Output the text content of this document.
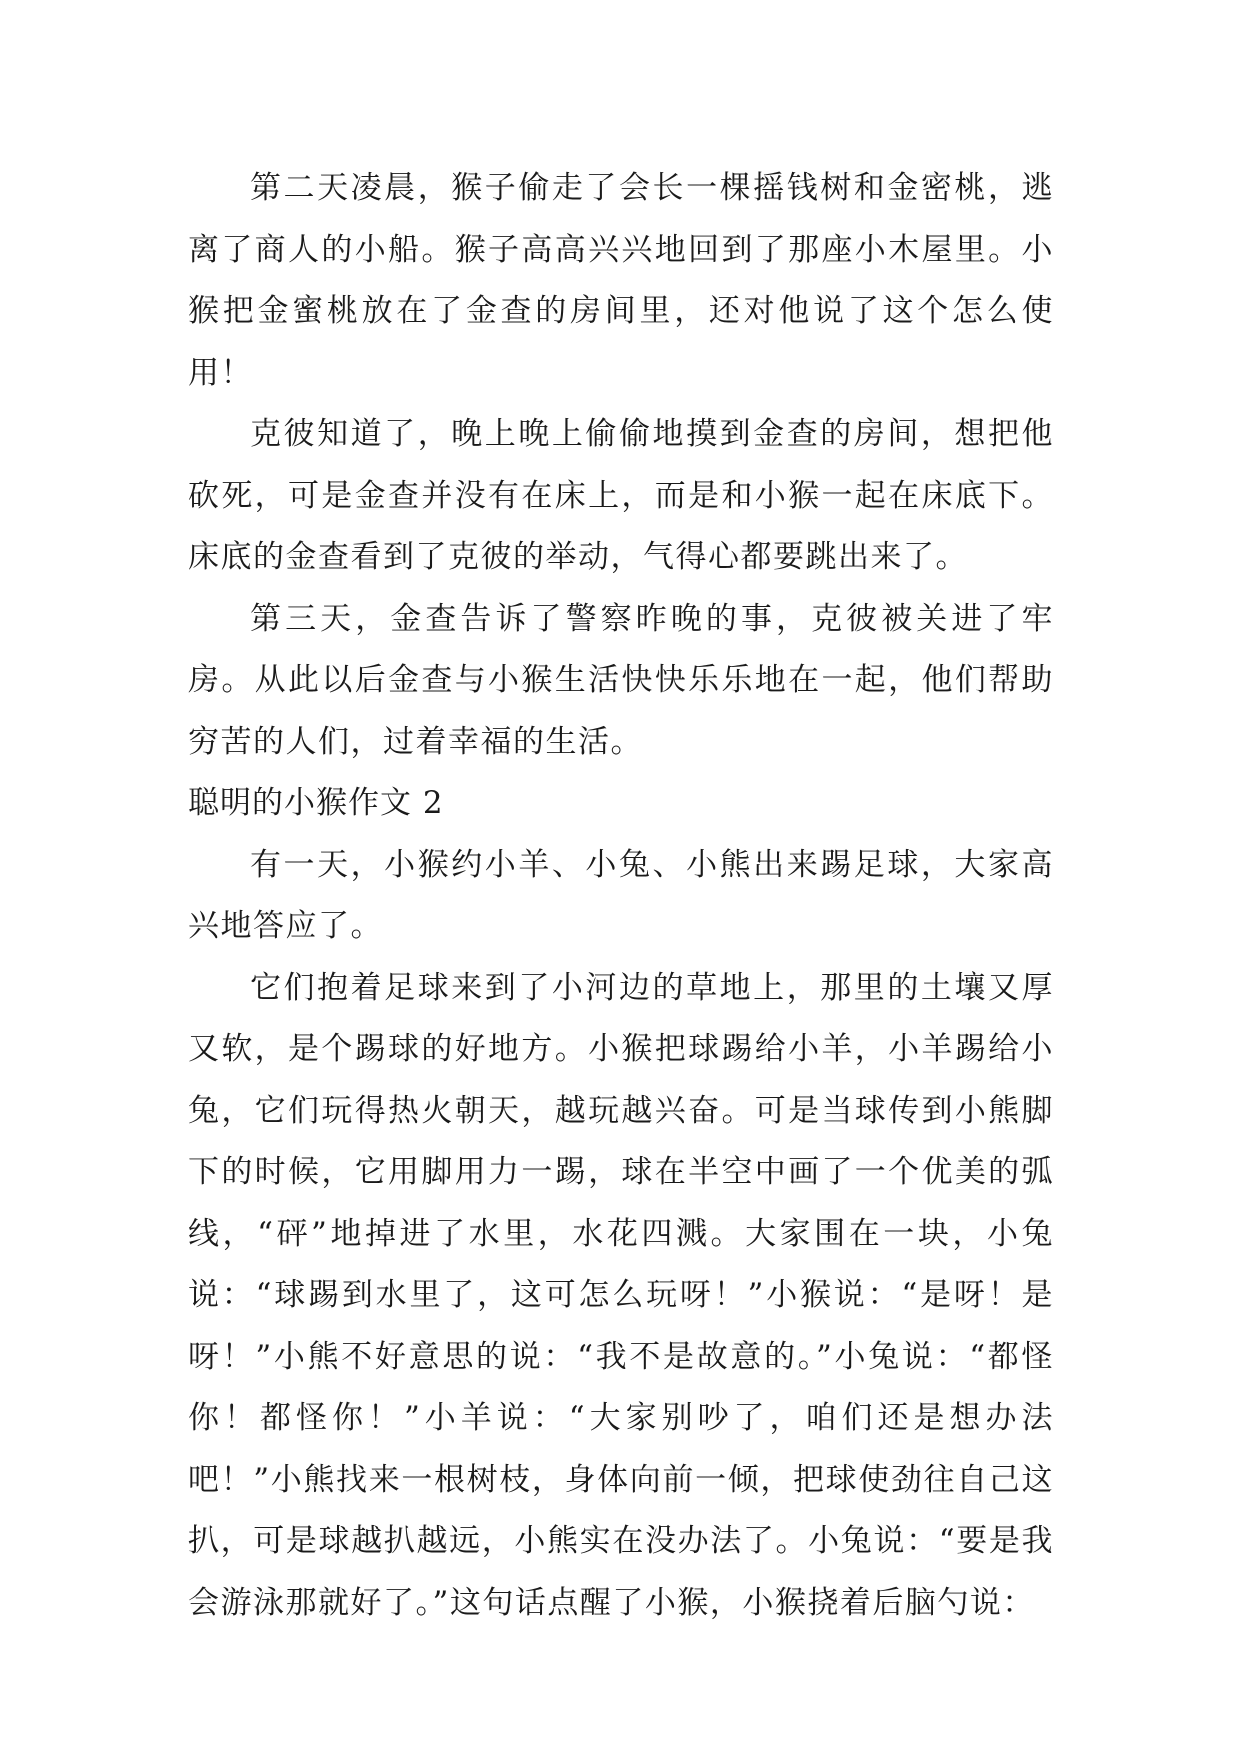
第二天凌晨，猴子偷走了会长一棵摇钱树和金密桃，逃离了商人的小船。猴子高高兴兴地回到了那座小木屋里。小猴把金蜜桃放在了金查的房间里，还对他说了这个怎么使用！

克彼知道了，晚上晚上偷偷地摸到金查的房间，想把他砍死，可是金查并没有在床上，而是和小猴一起在床底下。床底的金查看到了克彼的举动，气得心都要跳出来了。

第三天，金查告诉了警察昨晚的事，克彼被关进了牢房。从此以后金查与小猴生活快快乐乐地在一起，他们帮助穷苦的人们，过着幸福的生活。

聪明的小猴作文 2

有一天，小猴约小羊、小兔、小熊出来踢足球，大家高兴地答应了。

它们抱着足球来到了小河边的草地上，那里的土壤又厚又软，是个踢球的好地方。小猴把球踢给小羊，小羊踢给小兔，它们玩得热火朝天，越玩越兴奋。可是当球传到小熊脚下的时候，它用脚用力一踢，球在半空中画了一个优美的弧线，“砰”地掉进了水里，水花四溅。大家围在一块，小兔说：“球踢到水里了，这可怎么玩呀！”小猴说：“是呀！是呀！”小熊不好意思的说：“我不是故意的。”小兔说：“都怪你！都怪你！”小羊说：“大家别吵了，咱们还是想办法吧！”小熊找来一根树枝，身体向前一倾，把球使劲往自己这扒，可是球越扒越远，小熊实在没办法了。小兔说：“要是我会游泳那就好了。”这句话点醒了小猴，小猴挠着后脑勺说：
